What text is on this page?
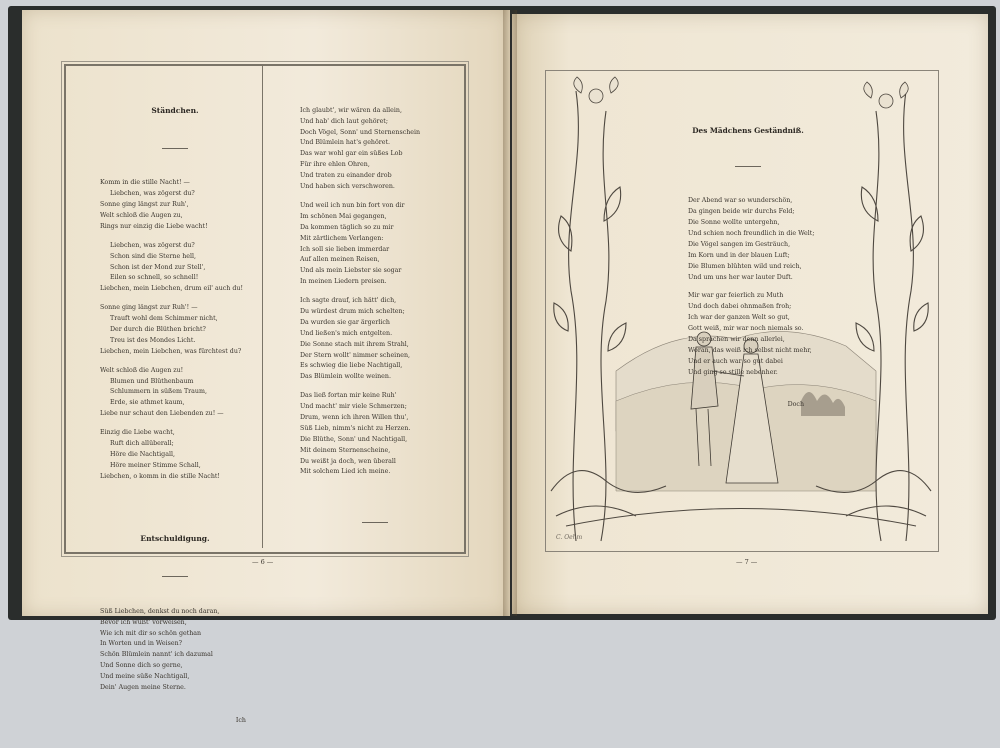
Ständchen.

Komm in die stille Nacht! —
Liebchen, was zögerst du?
Sonne ging längst zur Ruh',
Welt schloß die Augen zu,
Rings nur einzig die Liebe wacht!
Liebchen, was zögerst du?
Schon sind die Sterne hell,
Schon ist der Mond zur Stell',
Eilen so schnell, so schnell!
Liebchen, mein Liebchen, drum eil' auch du!
Sonne ging längst zur Ruh'! —
Trauft wohl dem Schimmer nicht,
Der durch die Blüthen bricht?
Treu ist des Mondes Licht.
Liebchen, mein Liebchen, was fürchtest du?
Welt schloß die Augen zu!
Blumen und Blüthenbaum
Schlummern in süßem Traum,
Erde, sie athmet kaum,
Liebe nur schaut den Liebenden zu! —
Einzig die Liebe wacht,
Ruft dich allüberall;
Höre die Nachtigall,
Höre meiner Stimme Schall,
Liebchen, o komm in die stille Nacht!

Entschuldigung.

Süß Liebchen, denkst du noch daran,
Bevor ich wußt' vorweisen,
Wie ich mit dir so schön gethan
In Worten und in Weisen?
Schön Blümlein nannt' ich dazumal
Und Sonne dich so gerne,
Und meine süße Nachtigall,
Dein' Augen meine Sterne.

Ich

Ich glaubt', wir wären da allein,
Und hab' dich laut gehöret;
Doch Vögel, Sonn' und Sternenschein
Und Blümlein hat's gehöret.
Das war wohl gar ein süßes Lob
Für ihre ehlen Ohren,
Und traten zu einander drob
Und haben sich verschworen.
Und weil ich nun bin fort von dir
Im schönen Mai gegangen,
Da kommen täglich so zu mir
Mit zärtlichem Verlangen:
Ich soll sie lieben immerdar
Auf allen meinen Reisen,
Und als mein Liebster sie sogar
In meinen Liedern preisen.
Ich sagte drauf, ich hätt' dich,
Du würdest drum mich schelten;
Da wurden sie gar ärgerlich
Und ließen's mich entgelten.
Die Sonne stach mit ihrem Strahl,
Der Stern wollt' nimmer scheinen,
Es schwieg die liebe Nachtigall,
Das Blümlein wollte weinen.
Das ließ fortan mir keine Ruh'
Und macht' mir viele Schmerzen;
Drum, wenn ich ihren Willen thu',
Süß Lieb, nimm's nicht zu Herzen.
Die Blüthe, Sonn' und Nachtigall,
Mit deinem Sternenscheine,
Du weißt ja doch, wen überall
Mit solchem Lied ich meine.

— 6 —

Des Mädchens Geständniß.

Der Abend war so wunderschön,
Da gingen beide wir durchs Feld;
Die Sonne wollte untergehn,
Und schien noch freundlich in die Welt;
Die Vögel sangen im Gesträuch,
Im Korn und in der blauen Luft;
Die Blumen blühten wild und reich,
Und um uns her war lauter Duft.
Mir war gar feierlich zu Muth
Und doch dabei ohnmaßen froh;
Ich war der ganzen Welt so gut,
Gott weiß, mir war noch niemals so.
Da sprachen wir denn allerlei,
Woran, das weiß ich selbst nicht mehr,
Und er auch war so gut dabei
Und ging so stille nebenher.

Doch

C. Oehm
— 7 —
